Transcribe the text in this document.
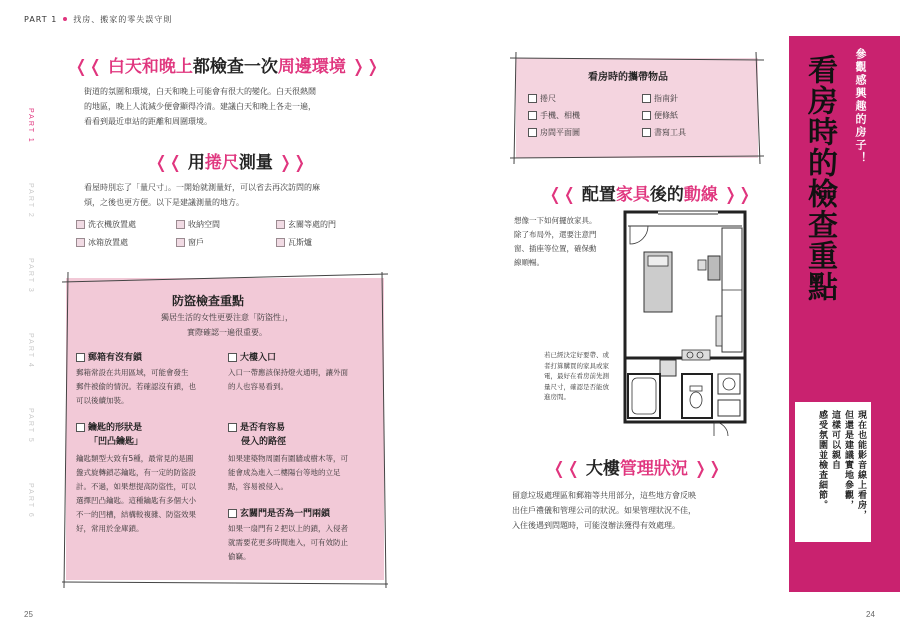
PART 1 找房、搬家的零失誤守則
PART 1
PART 2
PART 3
PART 4
PART 5
PART 6
❬❬ 白天和晚上都檢查一次周邊環境 ❭❭
街道的氛圍和環境，白天和晚上可能會有很大的變化。白天很熱鬧
的地區，晚上人流減少便會顯得冷清。建議白天和晚上各走一遍，
看看到最近車站的距離和周圍環境。
❬❬ 用捲尺測量 ❭❭
看屋時別忘了「量尺寸」。一開始就測量好，可以省去再次訪問的麻
煩，之後也更方便。以下是建議測量的地方。
洗衣機放置處	收納空間	玄關等處的門
冰箱放置處	窗戶	瓦斯爐
防盜檢查重點
獨居生活的女性更要注意「防盜性」，
實際確認一遍很重要。
郵箱有沒有鎖
郵箱常設在共用區域，可能會發生
郵件被偷的情況。若確認沒有鎖，也
可以後續加裝。
大樓入口
入口一帶應該保持燈火通明，讓外面
的人也容易看到。
鑰匙的形狀是
「凹凸鑰匙」
鑰匙類型大致有5種，最常見的是圓
盤式旋轉鎖芯鑰匙，有一定的防盜設
計。不過，如果想提高防盜性，可以
選擇凹凸鑰匙。這種鑰匙有多個大小
不一的凹槽，結構較複雜、防盜效果
好，常用於金庫鎖。
是否有容易
侵入的路徑
如果建築物周圍有圍牆或樹木等，可
能會成為進入二樓陽台等地的立足
點，容易被侵入。
玄關門是否為一門兩鎖
如果一扇門有２把以上的鎖，入侵者
就需要花更多時間進入，可有效防止
偷竊。
看房時的攜帶物品
捲尺	指南針
手機、相機	便條紙
房間平面圖	書寫工具
❬❬ 配置家具後的動線 ❭❭
想像一下如何擺放家具。
除了布局外，還要注意門
窗、插座等位置，確保動
線順暢。
若已經決定好要帶、或
者打算購買的家具或家
電，最好在看房前先測
量尺寸，確認是否能放
進房間。
❬❬ 大樓管理狀況 ❭❭
留意垃圾處理區和郵箱等共用部分，這些地方會反映
出住戶禮儀和管理公司的狀況。如果管理狀況不佳，
入住後遇到問題時，可能沒辦法獲得有效處理。
看房時的檢查重點	參觀感興趣的房子！
現在也能影音線上看房，
但還是建議實地參觀，
這樣可以親自
感受氛圍並檢查細節。
25	24
